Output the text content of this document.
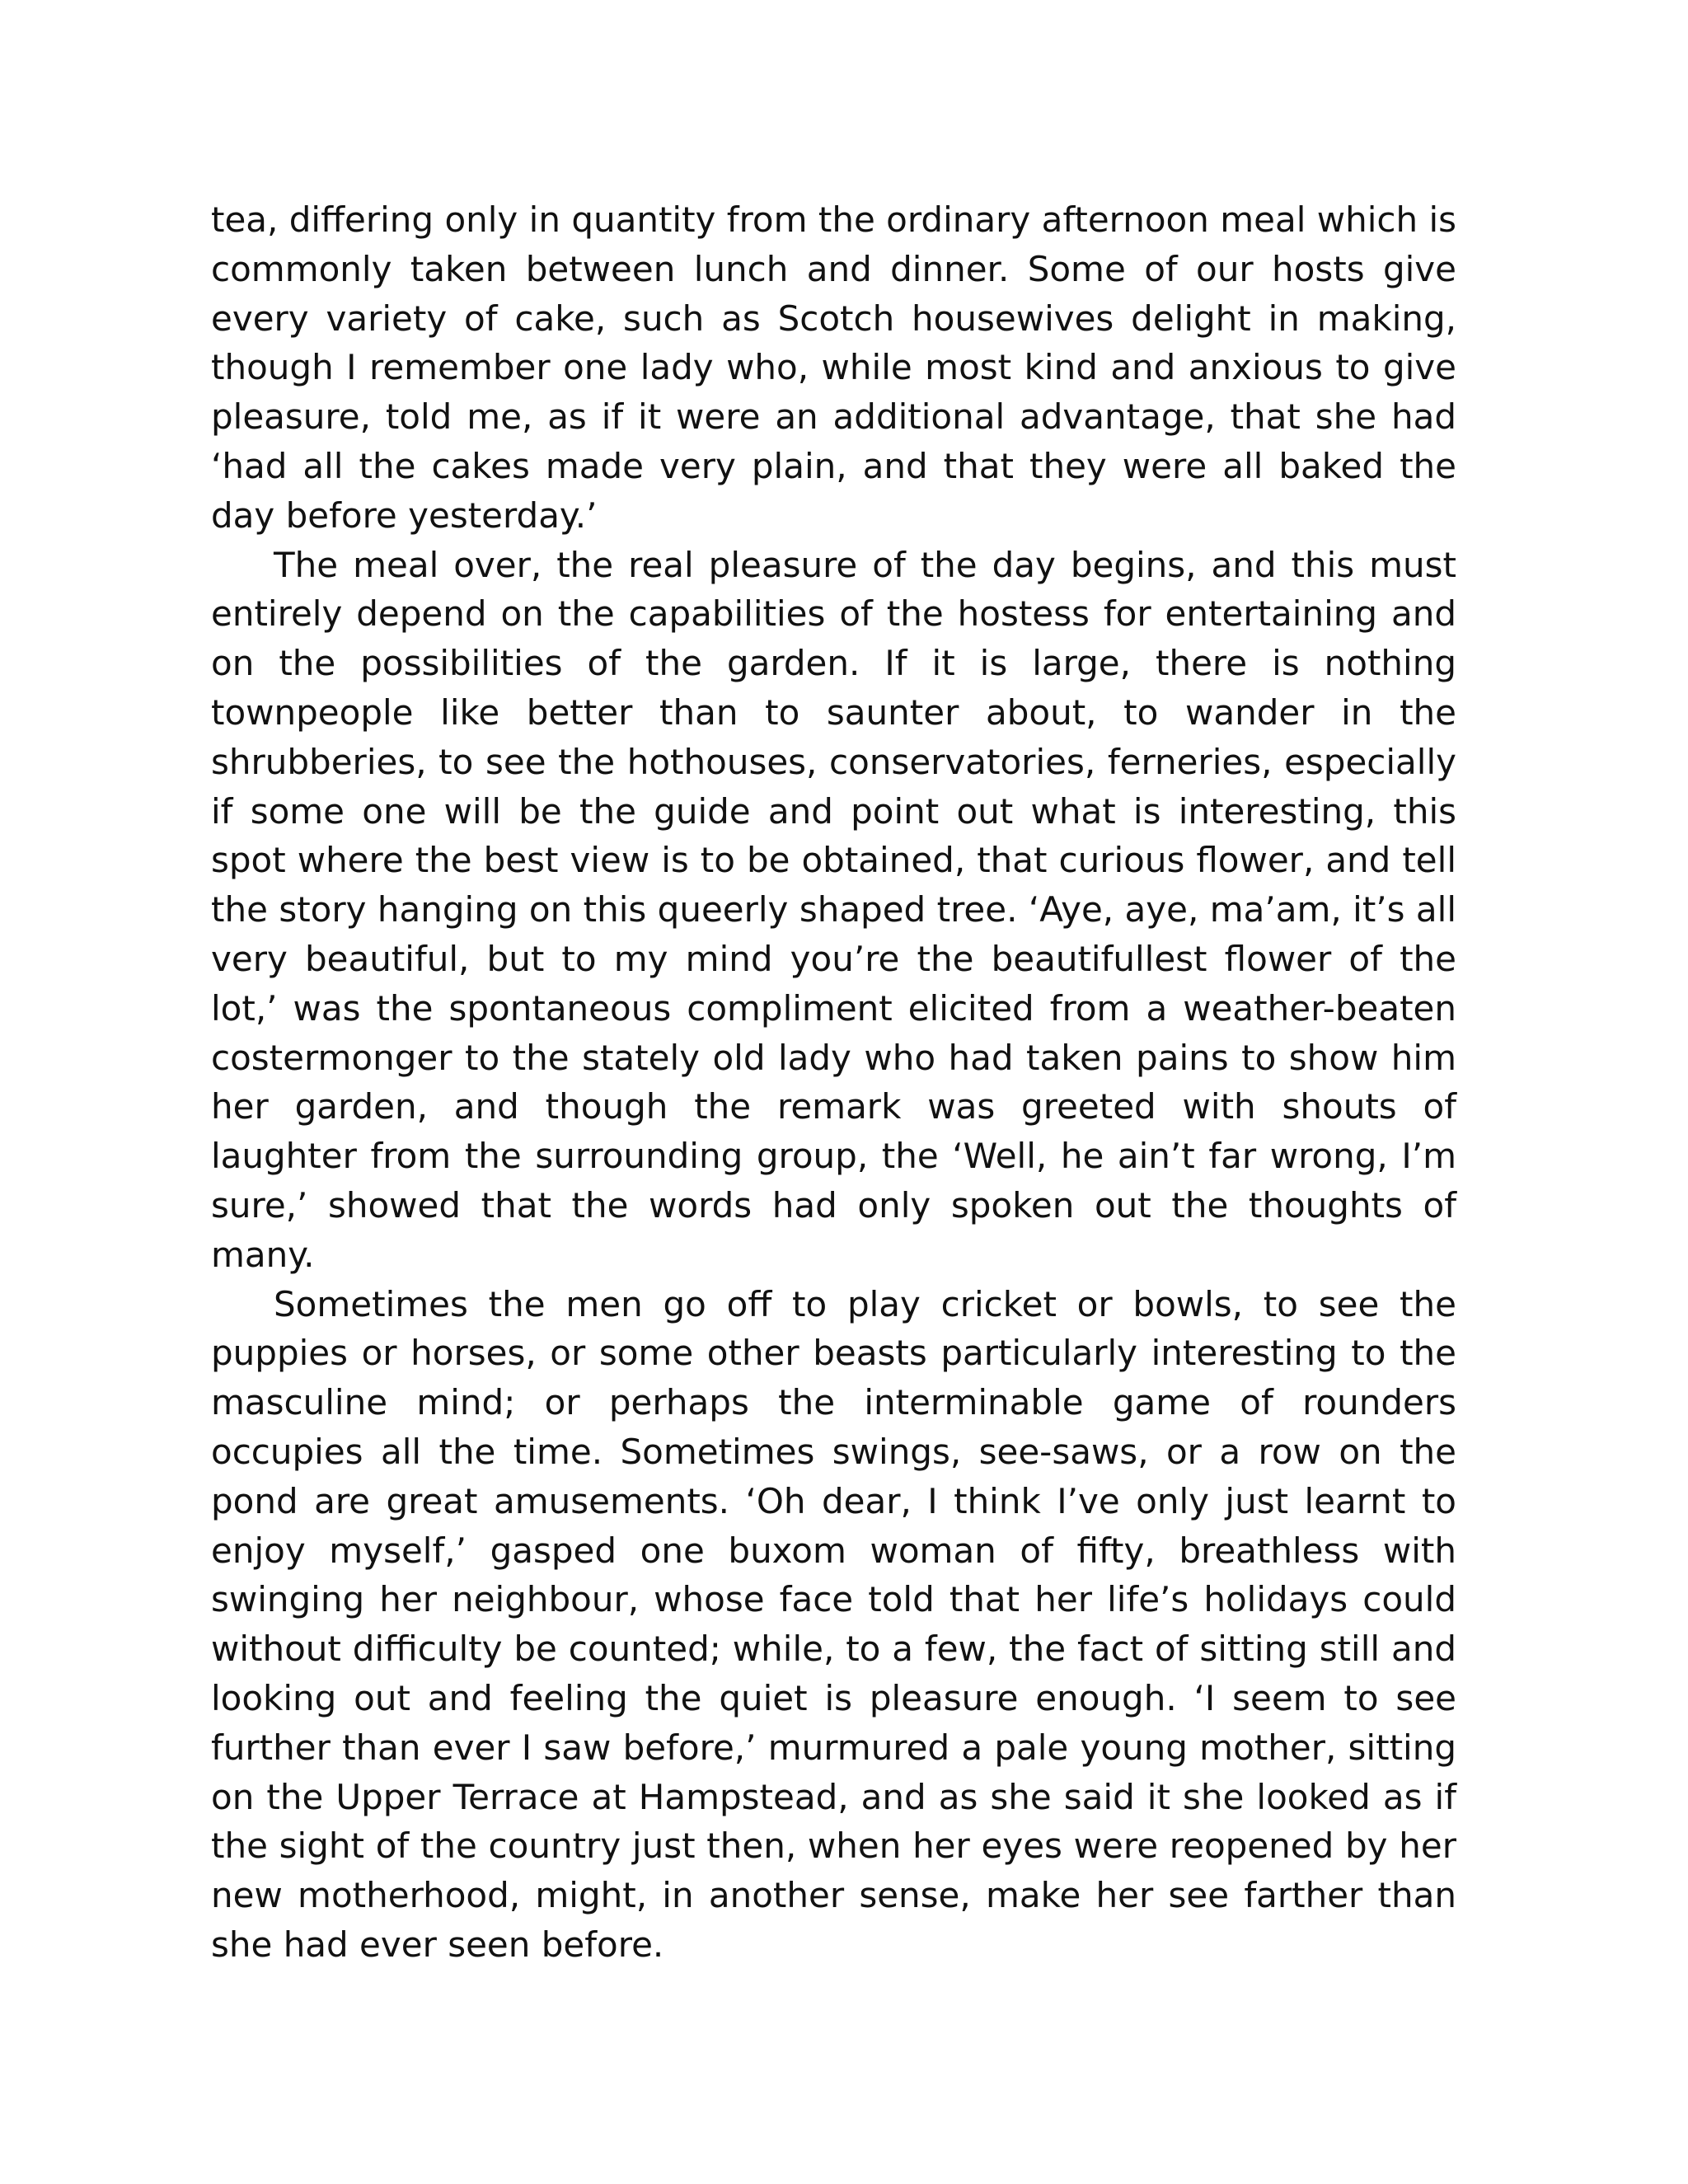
tea, differing only in quantity from the ordinary afternoon meal which is commonly taken between lunch and dinner. Some of our hosts give every variety of cake, such as Scotch housewives delight in making, though I remember one lady who, while most kind and anxious to give pleasure, told me, as if it were an additional advantage, that she had ‘had all the cakes made very plain, and that they were all baked the day before yesterday.’

The meal over, the real pleasure of the day begins, and this must entirely depend on the capabilities of the hostess for entertaining and on the possibilities of the garden. If it is large, there is nothing townpeople like better than to saunter about, to wander in the shrubberies, to see the hothouses, conservatories, ferneries, especially if some one will be the guide and point out what is interesting, this spot where the best view is to be obtained, that curious flower, and tell the story hanging on this queerly shaped tree. ‘Aye, aye, ma’am, it’s all very beautiful, but to my mind you’re the beautifullest flower of the lot,’ was the spontaneous compliment elicited from a weather-beaten costermonger to the stately old lady who had taken pains to show him her garden, and though the remark was greeted with shouts of laughter from the surrounding group, the ‘Well, he ain’t far wrong, I’m sure,’ showed that the words had only spoken out the thoughts of many.

Sometimes the men go off to play cricket or bowls, to see the puppies or horses, or some other beasts particularly interesting to the masculine mind; or perhaps the interminable game of rounders occupies all the time. Sometimes swings, see-saws, or a row on the pond are great amusements. ‘Oh dear, I think I’ve only just learnt to enjoy myself,’ gasped one buxom woman of fifty, breathless with swinging her neighbour, whose face told that her life’s holidays could without difficulty be counted; while, to a few, the fact of sitting still and looking out and feeling the quiet is pleasure enough. ‘I seem to see further than ever I saw before,’ murmured a pale young mother, sitting on the Upper Terrace at Hampstead, and as she said it she looked as if the sight of the country just then, when her eyes were reopened by her new motherhood, might, in another sense, make her see farther than she had ever seen before.
